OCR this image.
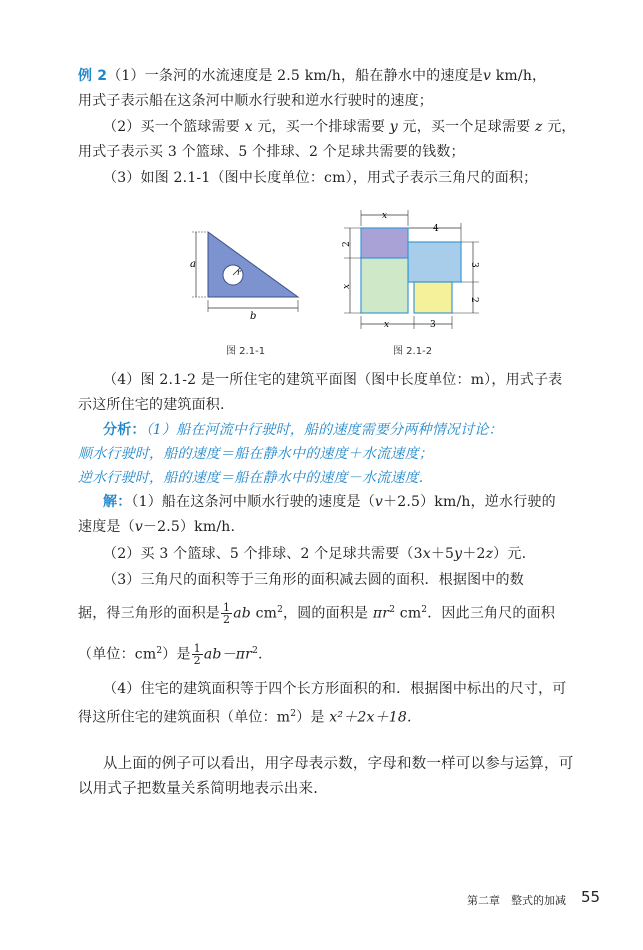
例 2（1）一条河的水流速度是 2.5 km/h，船在静水中的速度是v km/h，
用式子表示船在这条河中顺水行驶和逆水行驶时的速度；
（2）买一个篮球需要 x 元，买一个排球需要 y 元，买一个足球需要 z 元，
用式子表示买 3 个篮球、5 个排球、2 个足球共需要的钱数；
（3）如图 2.1-1（图中长度单位：cm），用式子表示三角尺的面积；
r
a
b
图 2.1-1
x
4
2
x
3
2
x	3
图 2.1-2
（4）图 2.1-2 是一所住宅的建筑平面图（图中长度单位：m），用式子表
示这所住宅的建筑面积.
分析：（1）船在河流中行驶时，船的速度需要分两种情况讨论：
顺水行驶时，船的速度＝船在静水中的速度＋水流速度；
逆水行驶时，船的速度＝船在静水中的速度－水流速度.
解：（1）船在这条河中顺水行驶的速度是（v＋2.5）km/h，逆水行驶的
速度是（v－2.5）km/h.
（2）买 3 个篮球、5 个排球、2 个足球共需要（3x＋5y＋2z）元.
（3）三角尺的面积等于三角形的面积减去圆的面积．根据图中的数
据，得三角形的面积是 $\frac{1}{2}$ ab $cm^2$，圆的面积是 $\pi r^2$ $cm^2$．因此三角尺的面积
（单位：$cm^2$）是 $\frac{1}{2} ab-\pi r^2$.
（4）住宅的建筑面积等于四个长方形面积的和．根据图中标出的尺寸，可
得这所住宅的建筑面积（单位：$m^2$）是 x²＋2x＋18.
从上面的例子可以看出，用字母表示数，字母和数一样可以参与运算，可
以用式子把数量关系简明地表示出来.
第二章　整式的加减 55
